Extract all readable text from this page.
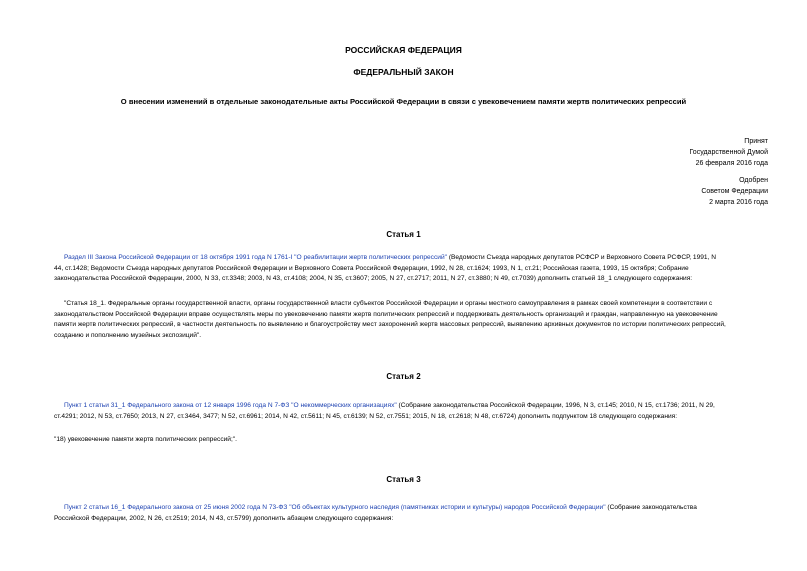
РОССИЙСКАЯ ФЕДЕРАЦИЯ
ФЕДЕРАЛЬНЫЙ ЗАКОН
О внесении изменений в отдельные законодательные акты Российской Федерации в связи с увековечением памяти жертв политических репрессий
Принят
Государственной Думой
26 февраля 2016 года
Одобрен
Советом Федерации
2 марта 2016 года
Статья 1
Раздел III Закона Российской Федерации от 18 октября 1991 года N 1761-I "О реабилитации жертв политических репрессий" (Ведомости Съезда народных депутатов РСФСР и Верховного Совета РСФСР, 1991, N
44, ст.1428; Ведомости Съезда народных депутатов Российской Федерации и Верховного Совета Российской Федерации, 1992, N 28, ст.1624; 1993, N 1, ст.21; Российская газета, 1993, 15 октября; Собрание
законодательства Российской Федерации, 2000, N 33, ст.3348; 2003, N 43, ст.4108; 2004, N 35, ст.3607; 2005, N 27, ст.2717; 2011, N 27, ст.3880; N 49, ст.7039) дополнить статьей 18_1 следующего содержания:
"Статья 18_1. Федеральные органы государственной власти, органы государственной власти субъектов Российской Федерации и органы местного самоуправления в рамках своей компетенции в соответствии с
законодательством Российской Федерации вправе осуществлять меры по увековечению памяти жертв политических репрессий и поддерживать деятельность организаций и граждан, направленную на увековечение
памяти жертв политических репрессий, в частности деятельность по выявлению и благоустройству мест захоронений жертв массовых репрессий, выявлению архивных документов по истории политических репрессий,
созданию и пополнению музейных экспозиций".
Статья 2
Пункт 1 статьи 31_1 Федерального закона от 12 января 1996 года N 7-ФЗ "О некоммерческих организациях" (Собрание законодательства Российской Федерации, 1996, N 3, ст.145; 2010, N 15, ст.1736; 2011, N 29,
ст.4291; 2012, N 53, ст.7650; 2013, N 27, ст.3464, 3477; N 52, ст.6961; 2014, N 42, ст.5611; N 45, ст.6139; N 52, ст.7551; 2015, N 18, ст.2618; N 48, ст.6724) дополнить подпунктом 18 следующего содержания:
"18) увековечение памяти жертв политических репрессий;".
Статья 3
Пункт 2 статьи 16_1 Федерального закона от 25 июня 2002 года N 73-ФЗ "Об объектах культурного наследия (памятниках истории и культуры) народов Российской Федерации" (Собрание законодательства
Российской Федерации, 2002, N 26, ст.2519; 2014, N 43, ст.5799) дополнить абзацем следующего содержания:
